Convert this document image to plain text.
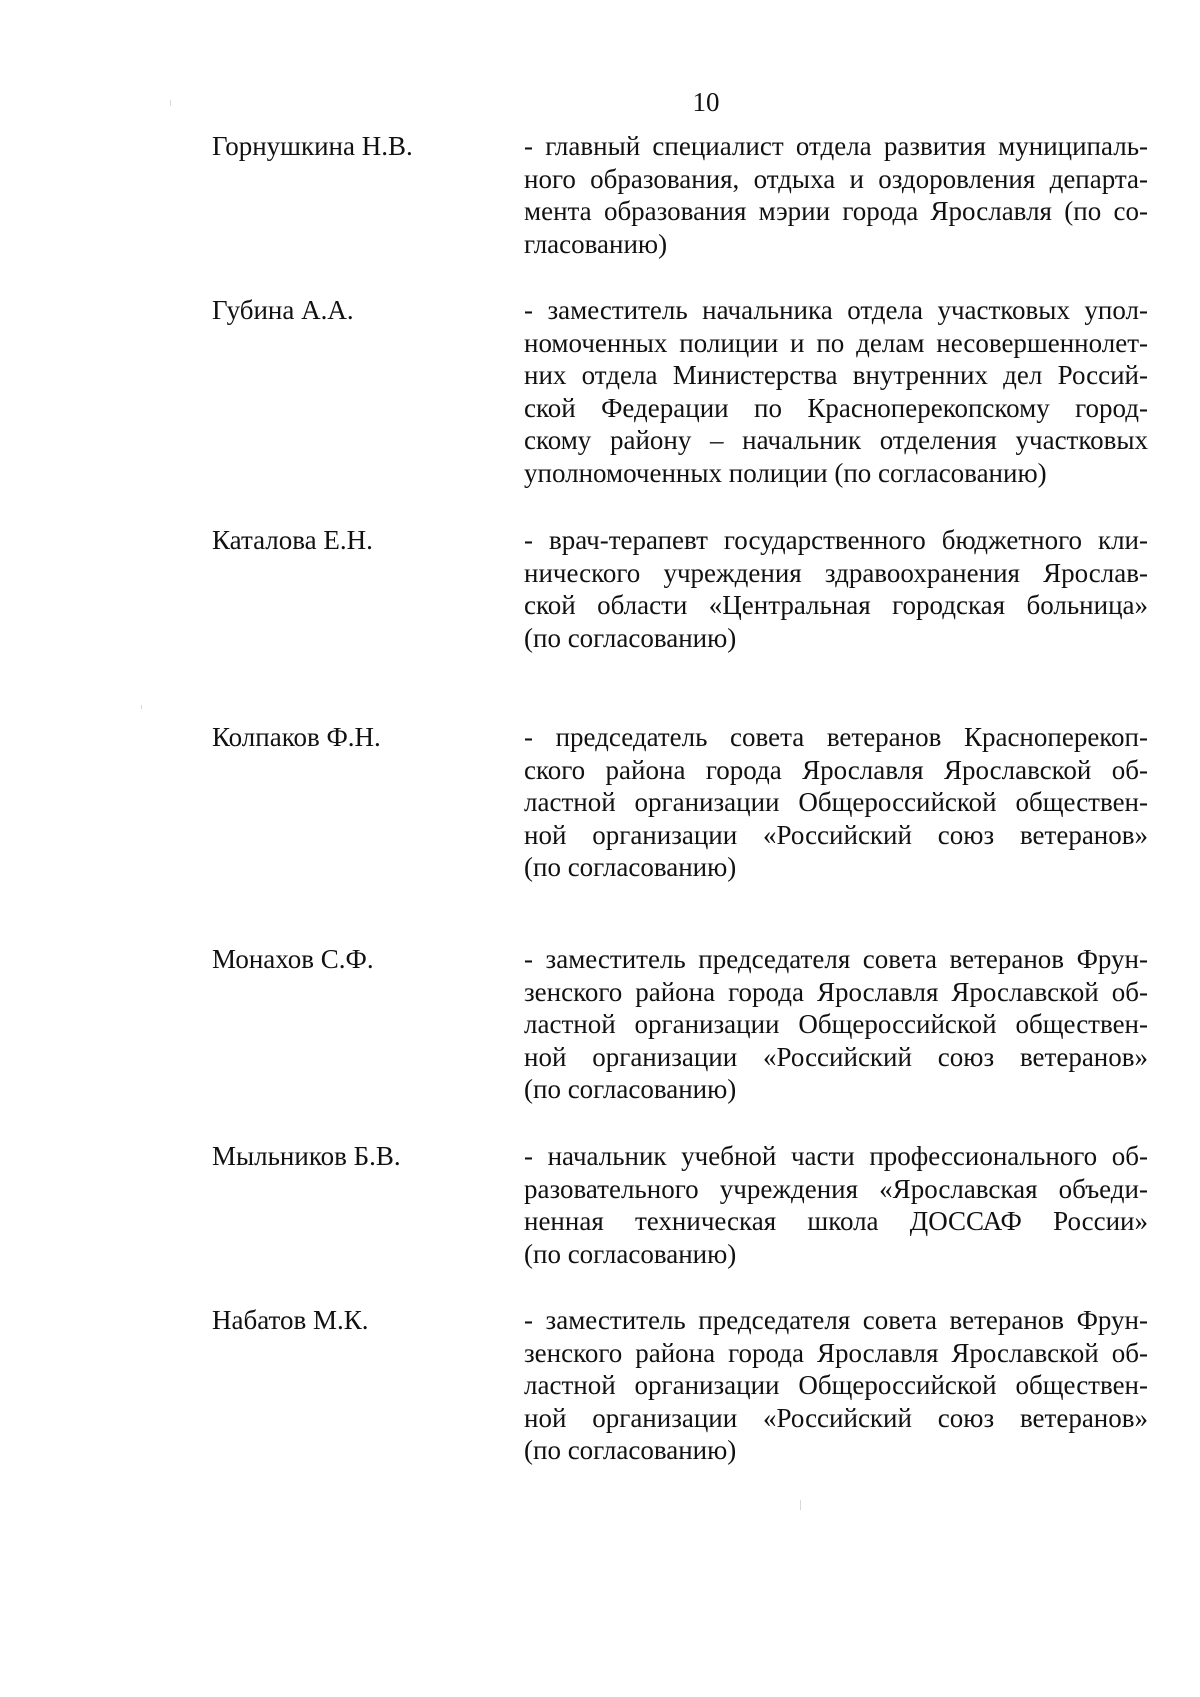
10
Горнушкина Н.В.	- главный специалист отдела развития муниципаль-
ного образования, отдыха и оздоровления департа-
мента образования мэрии города Ярославля (по со-
гласованию)
Губина А.А.	- заместитель начальника отдела участковых упол-
номоченных полиции и по делам несовершеннолет-
них отдела Министерства внутренних дел Россий-
ской Федерации по Красноперекопскому город-
скому району – начальник отделения участковых
уполномоченных полиции (по согласованию)
Каталова Е.Н.	- врач-терапевт государственного бюджетного кли-
нического учреждения здравоохранения Ярослав-
ской области «Центральная городская больница»
(по согласованию)
Колпаков Ф.Н.	- председатель совета ветеранов Красноперекоп-
ского района города Ярославля Ярославской об-
ластной организации Общероссийской обществен-
ной организации «Российский союз ветеранов»
(по согласованию)
Монахов С.Ф.	- заместитель председателя совета ветеранов Фрун-
зенского района города Ярославля Ярославской об-
ластной организации Общероссийской обществен-
ной организации «Российский союз ветеранов»
(по согласованию)
Мыльников Б.В.	- начальник учебной части профессионального об-
разовательного учреждения «Ярославская объеди-
ненная техническая школа ДОССАФ России»
(по согласованию)
Набатов М.К.	- заместитель председателя совета ветеранов Фрун-
зенского района города Ярославля Ярославской об-
ластной организации Общероссийской обществен-
ной организации «Российский союз ветеранов»
(по согласованию)
